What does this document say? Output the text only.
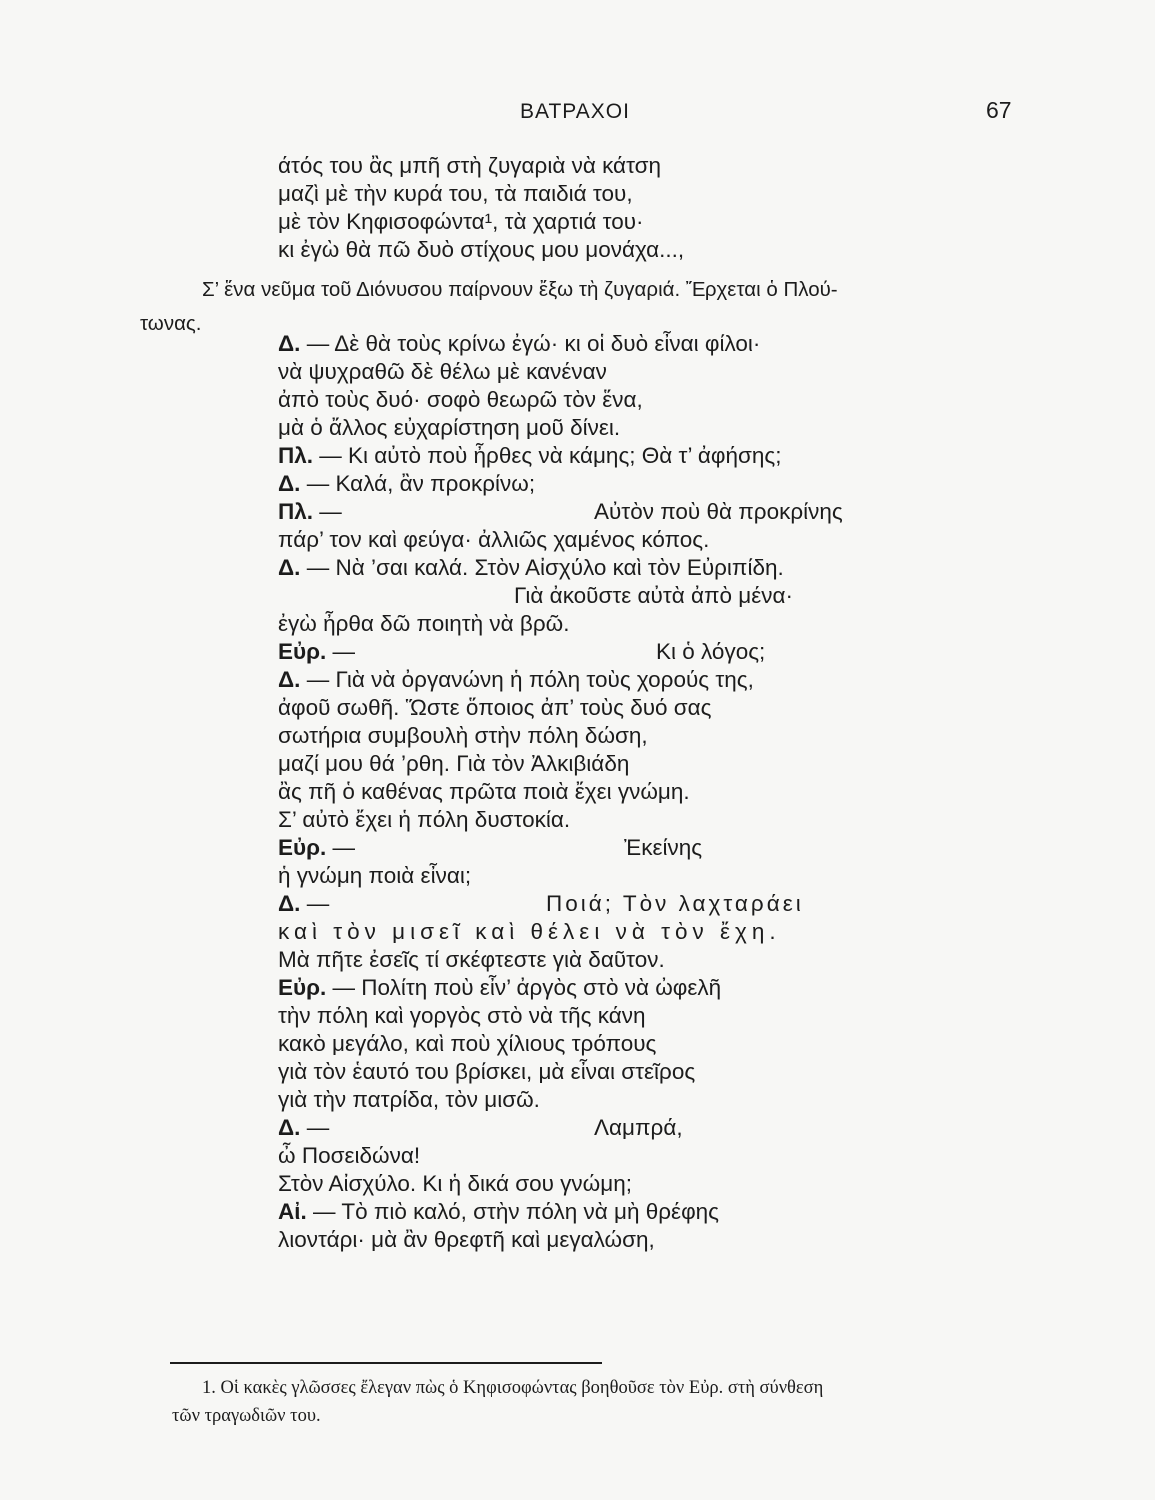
ΒΑΤΡΑΧΟΙ	67
άτός του ἂς μπῆ στὴ ζυγαριὰ νὰ κάτση
μαζὶ μὲ τὴν κυρά του, τὰ παιδιά του,
μὲ τὸν Κηφισοφώντα¹, τὰ χαρτιά του·
κι ἐγὼ θὰ πῶ δυὸ στίχους μου μονάχα...,
Δ. — Δὲ θὰ τοὺς κρίνω ἐγώ· κι οἱ δυὸ εἶναι φίλοι·
νὰ ψυχραθῶ δὲ θέλω μὲ κανέναν
ἀπὸ τοὺς δυό· σοφὸ θεωρῶ τὸν ἕνα,
μὰ ὁ ἄλλος εὐχαρίστηση μοῦ δίνει.
Πλ. — Κι αὐτὸ ποὺ ἦρθες νὰ κάμης; Θὰ τ’ ἀφήσης;
Δ. — Καλά, ἂν προκρίνω;
Πλ. —	Αὐτὸν ποὺ θὰ προκρίνης
πάρ’ τον καὶ φεύγα· ἀλλιῶς χαμένος κόπος.
Δ. — Νὰ ’σαι καλά. Στὸν Αἰσχύλο καὶ τὸν Εὐριπίδη.
Γιὰ ἀκοῦστε αὐτὰ ἀπὸ μένα·
ἐγὼ ἦρθα δῶ ποιητὴ νὰ βρῶ.
Εὐρ. —	Κι ὁ λόγος;
Δ. — Γιὰ νὰ ὀργανώνη ἡ πόλη τοὺς χορούς της,
ἀφοῦ σωθῆ. Ὥστε ὅποιος ἀπ’ τοὺς δυό σας
σωτήρια συμβουλὴ στὴν πόλη δώση,
μαζί μου θά ’ρθη. Γιὰ τὸν Ἀλκιβιάδη
ἂς πῆ ὁ καθένας πρῶτα ποιὰ ἔχει γνώμη.
Σ’ αὐτὸ ἔχει ἡ πόλη δυστοκία.
Εὐρ. —	Ἐκείνης
ἡ γνώμη ποιὰ εἶναι;
Δ. —	Ποιά; Τὸν λαχταράει
καὶ τὸν μισεῖ καὶ θέλει νὰ τὸν ἔχη.
Μὰ πῆτε ἐσεῖς τί σκέφτεστε γιὰ δαῦτον.
Εὐρ. — Πολίτη ποὺ εἶν’ ἀργὸς στὸ νὰ ὠφελῆ
τὴν πόλη καὶ γοργὸς στὸ νὰ τῆς κάνη
κακὸ μεγάλο, καὶ ποὺ χίλιους τρόπους
γιὰ τὸν ἑαυτό του βρίσκει, μὰ εἶναι στεῖρος
γιὰ τὴν πατρίδα, τὸν μισῶ.
Δ. —	Λαμπρά,
ὦ Ποσειδώνα!
Στὸν Αἰσχύλο. Κι ἡ δικά σου γνώμη;
Αἰ. — Τὸ πιὸ καλό, στὴν πόλη νὰ μὴ θρέφης
λιοντάρι· μὰ ἂν θρεφτῆ καὶ μεγαλώση,
Σ’ ἕνα νεῦμα τοῦ Διόνυσου παίρνουν ἔξω τὴ ζυγαριά. Ἔρχεται ὁ Πλού-
τωνας.
1. Οἱ κακὲς γλῶσσες ἔλεγαν πὼς ὁ Κηφισοφώντας βοηθοῦσε τὸν Εὐρ. στὴ σύνθεση
τῶν τραγωδιῶν του.
